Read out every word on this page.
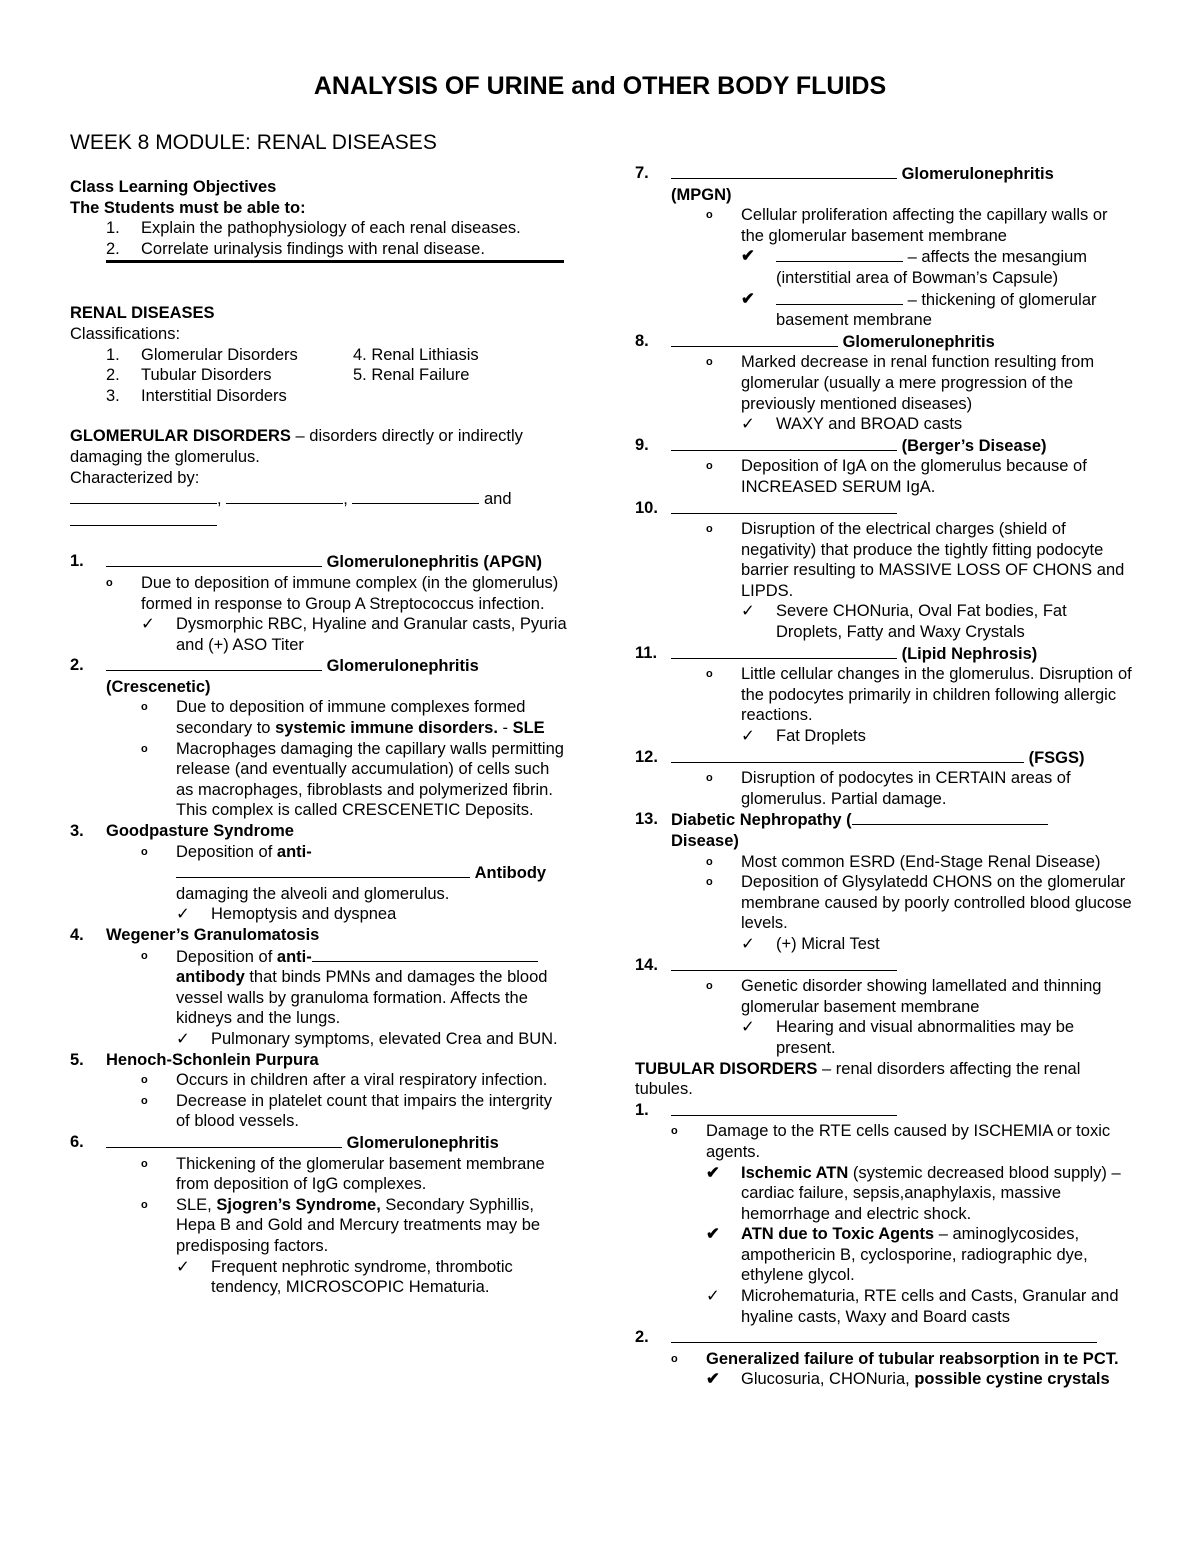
ANALYSIS OF URINE and OTHER BODY FLUIDS
WEEK 8 MODULE: RENAL DISEASES
Class Learning Objectives
The Students must be able to:
1. Explain the pathophysiology of each renal diseases.
2. Correlate urinalysis findings with renal disease.
RENAL DISEASES
Classifications:
1. Glomerular Disorders	4. Renal Lithiasis
2. Tubular Disorders	5. Renal Failure
3. Interstitial Disorders
GLOMERULAR DISORDERS – disorders directly or indirectly damaging the glomerulus.
Characterized by:
,	,	and
1.	Glomerulonephritis (APGN)
o Due to deposition of immune complex (in the glomerulus) formed in response to Group A Streptococcus infection.
✓ Dysmorphic RBC, Hyaline and Granular casts, Pyuria and (+) ASO Titer
2.	Glomerulonephritis
(Crescenetic)
o Due to deposition of immune complexes formed secondary to systemic immune disorders. - SLE
o Macrophages damaging the capillary walls permitting release (and eventually accumulation) of cells such as macrophages, fibroblasts and polymerized fibrin. This complex is called CRESCENETIC Deposits.
3. Goodpasture Syndrome
o Deposition of anti-
Antibody
damaging the alveoli and glomerulus.
✓ Hemoptysis and dyspnea
4. Wegener’s Granulomatosis
o Deposition of anti-
antibody that binds PMNs and damages the blood vessel walls by granuloma formation. Affects the kidneys and the lungs.
✓ Pulmonary symptoms, elevated Crea and BUN.
5. Henoch-Schonlein Purpura
o Occurs in children after a viral respiratory infection.
o Decrease in platelet count that impairs the intergrity of blood vessels.
6.	Glomerulonephritis
o Thickening of the glomerular basement membrane from deposition of IgG complexes.
o SLE, Sjogren’s Syndrome, Secondary Syphillis, Hepa B and Gold and Mercury treatments may be predisposing factors.
✓ Frequent nephrotic syndrome, thrombotic tendency, MICROSCOPIC Hematuria.
7.	Glomerulonephritis
(MPGN)
o Cellular proliferation affecting the capillary walls or the glomerular basement membrane
✔	– affects the mesangium (interstitial area of Bowman’s Capsule)
✔	– thickening of glomerular basement membrane
8.	Glomerulonephritis
o Marked decrease in renal function resulting from glomerular (usually a mere progression of the previously mentioned diseases)
✓ WAXY and BROAD casts
9.	(Berger’s Disease)
o Deposition of IgA on the glomerulus because of INCREASED SERUM IgA.
10.
o Disruption of the electrical charges (shield of negativity) that produce the tightly fitting podocyte barrier resulting to MASSIVE LOSS OF CHONS and LIPDS.
✓ Severe CHONuria, Oval Fat bodies, Fat Droplets, Fatty and Waxy Crystals
11.	(Lipid Nephrosis)
o Little cellular changes in the glomerulus. Disruption of the podocytes primarily in children following allergic reactions.
✓ Fat Droplets
12.	(FSGS)
o Disruption of podocytes in CERTAIN areas of glomerulus. Partial damage.
13. Diabetic Nephropathy (
Disease)
o Most common ESRD (End-Stage Renal Disease)
o Deposition of Glysylatedd CHONS on the glomerular membrane caused by poorly controlled blood glucose levels.
✓ (+) Micral Test
14.
o Genetic disorder showing lamellated and thinning glomerular basement membrane
✓ Hearing and visual abnormalities may be present.
TUBULAR DISORDERS – renal disorders affecting the renal tubules.
1.
o Damage to the RTE cells caused by ISCHEMIA or toxic agents.
✔ Ischemic ATN (systemic decreased blood supply) – cardiac failure, sepsis,anaphylaxis, massive hemorrhage and electric shock.
✔ ATN due to Toxic Agents – aminoglycosides, ampothericin B, cyclosporine, radiographic dye, ethylene glycol.
✓ Microhematuria, RTE cells and Casts, Granular and hyaline casts, Waxy and Board casts
2.
o Generalized failure of tubular reabsorption in te PCT.
✔ Glucosuria, CHONuria, possible cystine crystals
